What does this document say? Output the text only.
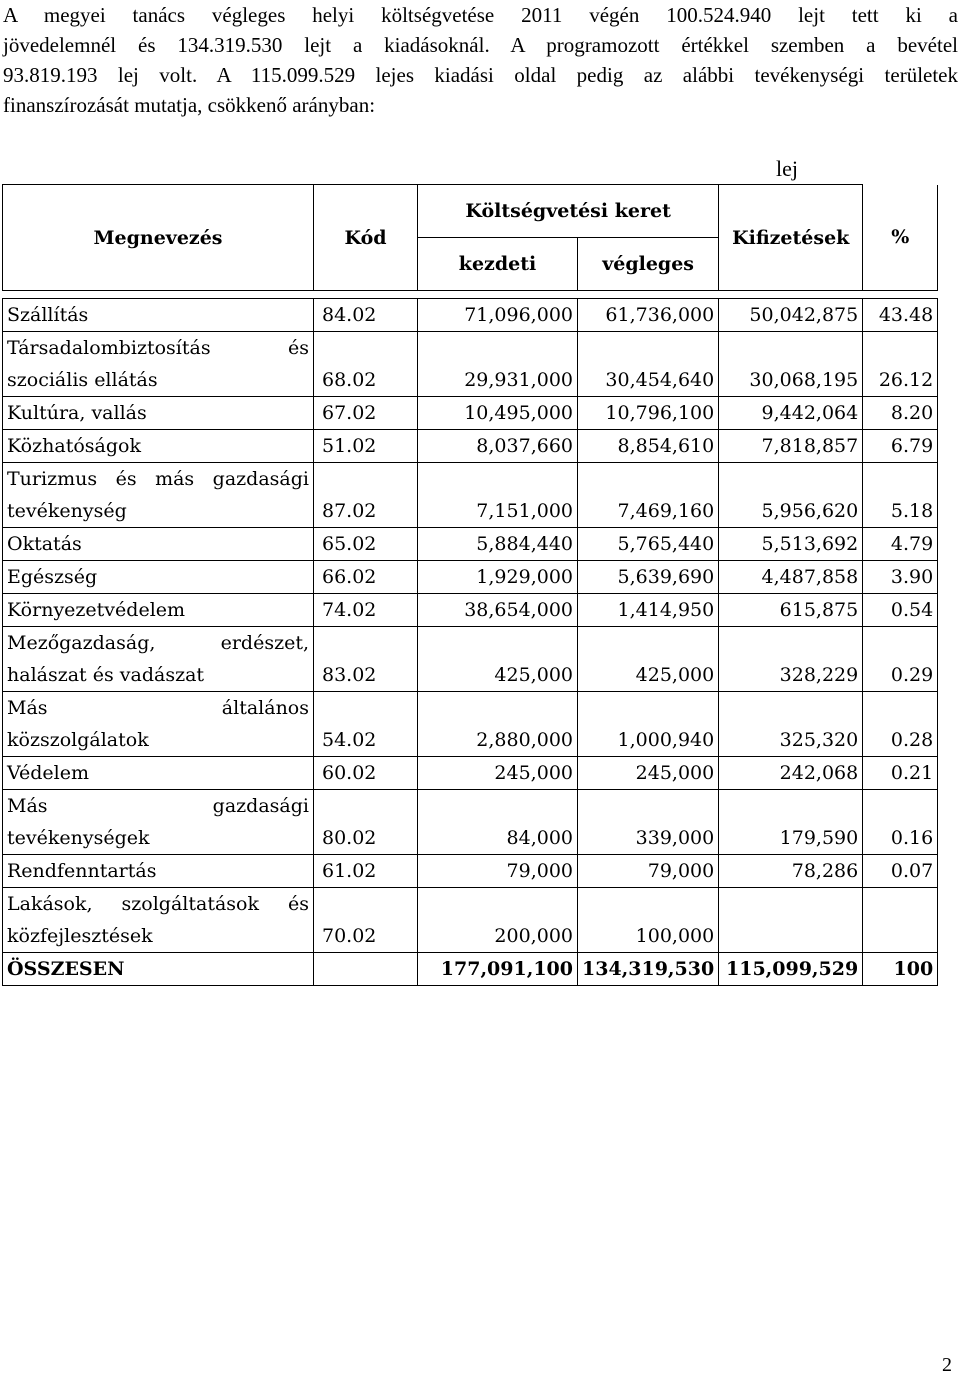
A megyei tanács végleges helyi költségvetése 2011 végén 100.524.940 lejt tett ki a
jövedelemnél és 134.319.530 lejt a kiadásoknál. A programozott értékkel szemben a bevétel
93.819.193 lej volt. A 115.099.529 lejes kiadási oldal pedig az alábbi tevékenységi területek
finanszírozását mutatja, csökkenő arányban:
lej
Megnevezés	Kód	Költségvetési keret		Kifizetések	%
		kezdeti	végleges		

Szállítás	84.02	71,096,000	61,736,000	50,042,875	43.48

Társadalombiztosítás és
szociális ellátás	68.02	29,931,000	30,454,640	30,068,195	26.12

Kultúra, vallás	67.02	10,495,000	10,796,100	9,442,064	8.20

Közhatóságok	51.02	8,037,660	8,854,610	7,818,857	6.79

Turizmus és más gazdasági
tevékenység	87.02	7,151,000	7,469,160	5,956,620	5.18

Oktatás	65.02	5,884,440	5,765,440	5,513,692	4.79

Egészség	66.02	1,929,000	5,639,690	4,487,858	3.90

Környezetvédelem	74.02	38,654,000	1,414,950	615,875	0.54

Mezőgazdaság, erdészet,
halászat és vadászat	83.02	425,000	425,000	328,229	0.29

Más általános
közszolgálatok	54.02	2,880,000	1,000,940	325,320	0.28

Védelem	60.02	245,000	245,000	242,068	0.21

Más gazdasági
tevékenységek	80.02	84,000	339,000	179,590	0.16

Rendfenntartás	61.02	79,000	79,000	78,286	0.07

Lakások, szolgáltatások és
közfejlesztések	70.02	200,000	100,000		
ÖSSZESEN		177,091,100	134,319,530	115,099,529	100
2
